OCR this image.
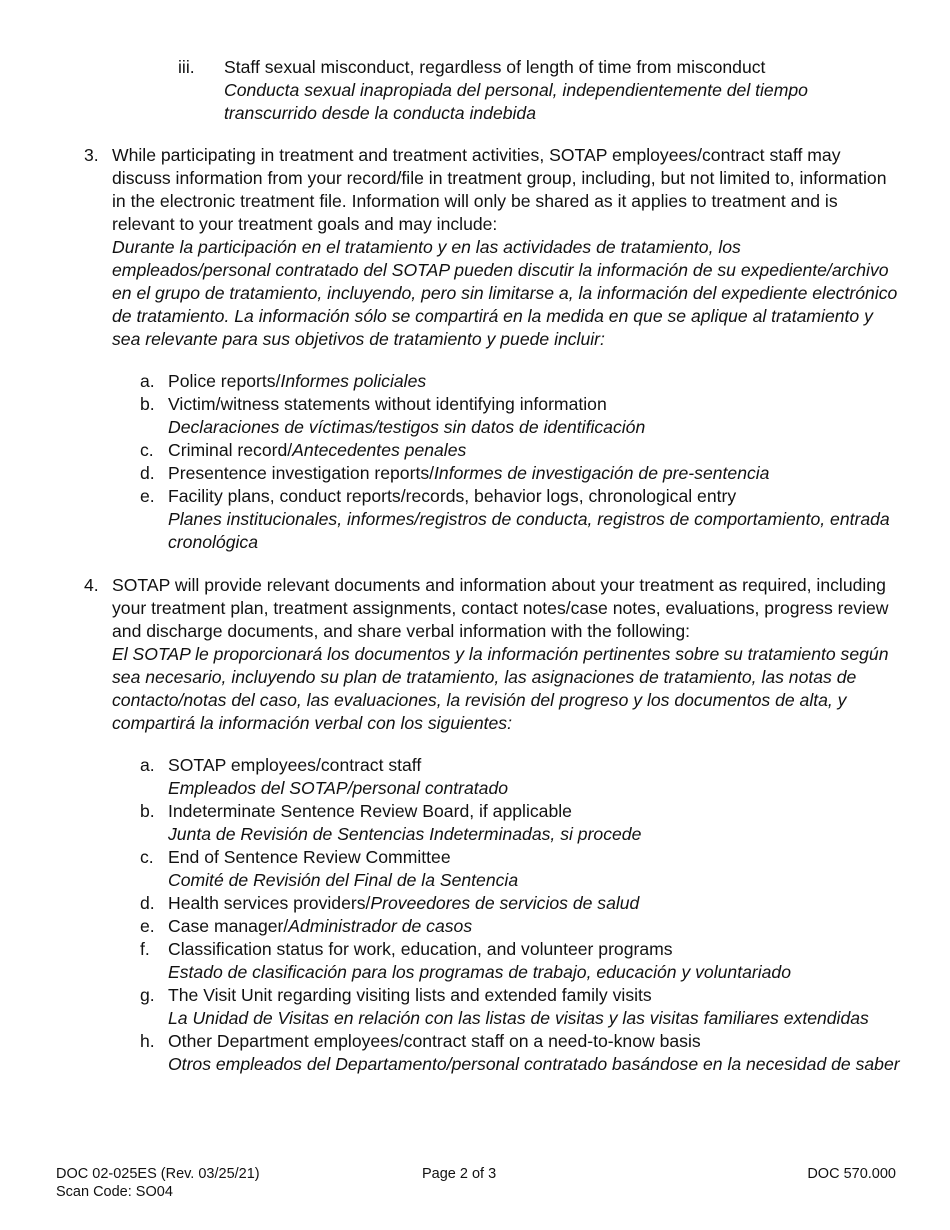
iii. Staff sexual misconduct, regardless of length of time from misconduct
Conducta sexual inapropiada del personal, independientemente del tiempo transcurrido desde la conducta indebida
3. While participating in treatment and treatment activities, SOTAP employees/contract staff may discuss information from your record/file in treatment group, including, but not limited to, information in the electronic treatment file. Information will only be shared as it applies to treatment and is relevant to your treatment goals and may include:
Durante la participación en el tratamiento y en las actividades de tratamiento, los empleados/personal contratado del SOTAP pueden discutir la información de su expediente/archivo en el grupo de tratamiento, incluyendo, pero sin limitarse a, la información del expediente electrónico de tratamiento. La información sólo se compartirá en la medida en que se aplique al tratamiento y sea relevante para sus objetivos de tratamiento y puede incluir:
a. Police reports/Informes policiales
b. Victim/witness statements without identifying information
Declaraciones de víctimas/testigos sin datos de identificación
c. Criminal record/Antecedentes penales
d. Presentence investigation reports/Informes de investigación de pre-sentencia
e. Facility plans, conduct reports/records, behavior logs, chronological entry
Planes institucionales, informes/registros de conducta, registros de comportamiento, entrada cronológica
4. SOTAP will provide relevant documents and information about your treatment as required, including your treatment plan, treatment assignments, contact notes/case notes, evaluations, progress review and discharge documents, and share verbal information with the following:
El SOTAP le proporcionará los documentos y la información pertinentes sobre su tratamiento según sea necesario, incluyendo su plan de tratamiento, las asignaciones de tratamiento, las notas de contacto/notas del caso, las evaluaciones, la revisión del progreso y los documentos de alta, y compartirá la información verbal con los siguientes:
a. SOTAP employees/contract staff
Empleados del SOTAP/personal contratado
b. Indeterminate Sentence Review Board, if applicable
Junta de Revisión de Sentencias Indeterminadas, si procede
c. End of Sentence Review Committee
Comité de Revisión del Final de la Sentencia
d. Health services providers/Proveedores de servicios de salud
e. Case manager/Administrador de casos
f. Classification status for work, education, and volunteer programs
Estado de clasificación para los programas de trabajo, educación y voluntariado
g. The Visit Unit regarding visiting lists and extended family visits
La Unidad de Visitas en relación con las listas de visitas y las visitas familiares extendidas
h. Other Department employees/contract staff on a need-to-know basis
Otros empleados del Departamento/personal contratado basándose en la necesidad de saber
DOC 02-025ES (Rev. 03/25/21)
Scan Code: SO04
Page 2 of 3	DOC 570.000
